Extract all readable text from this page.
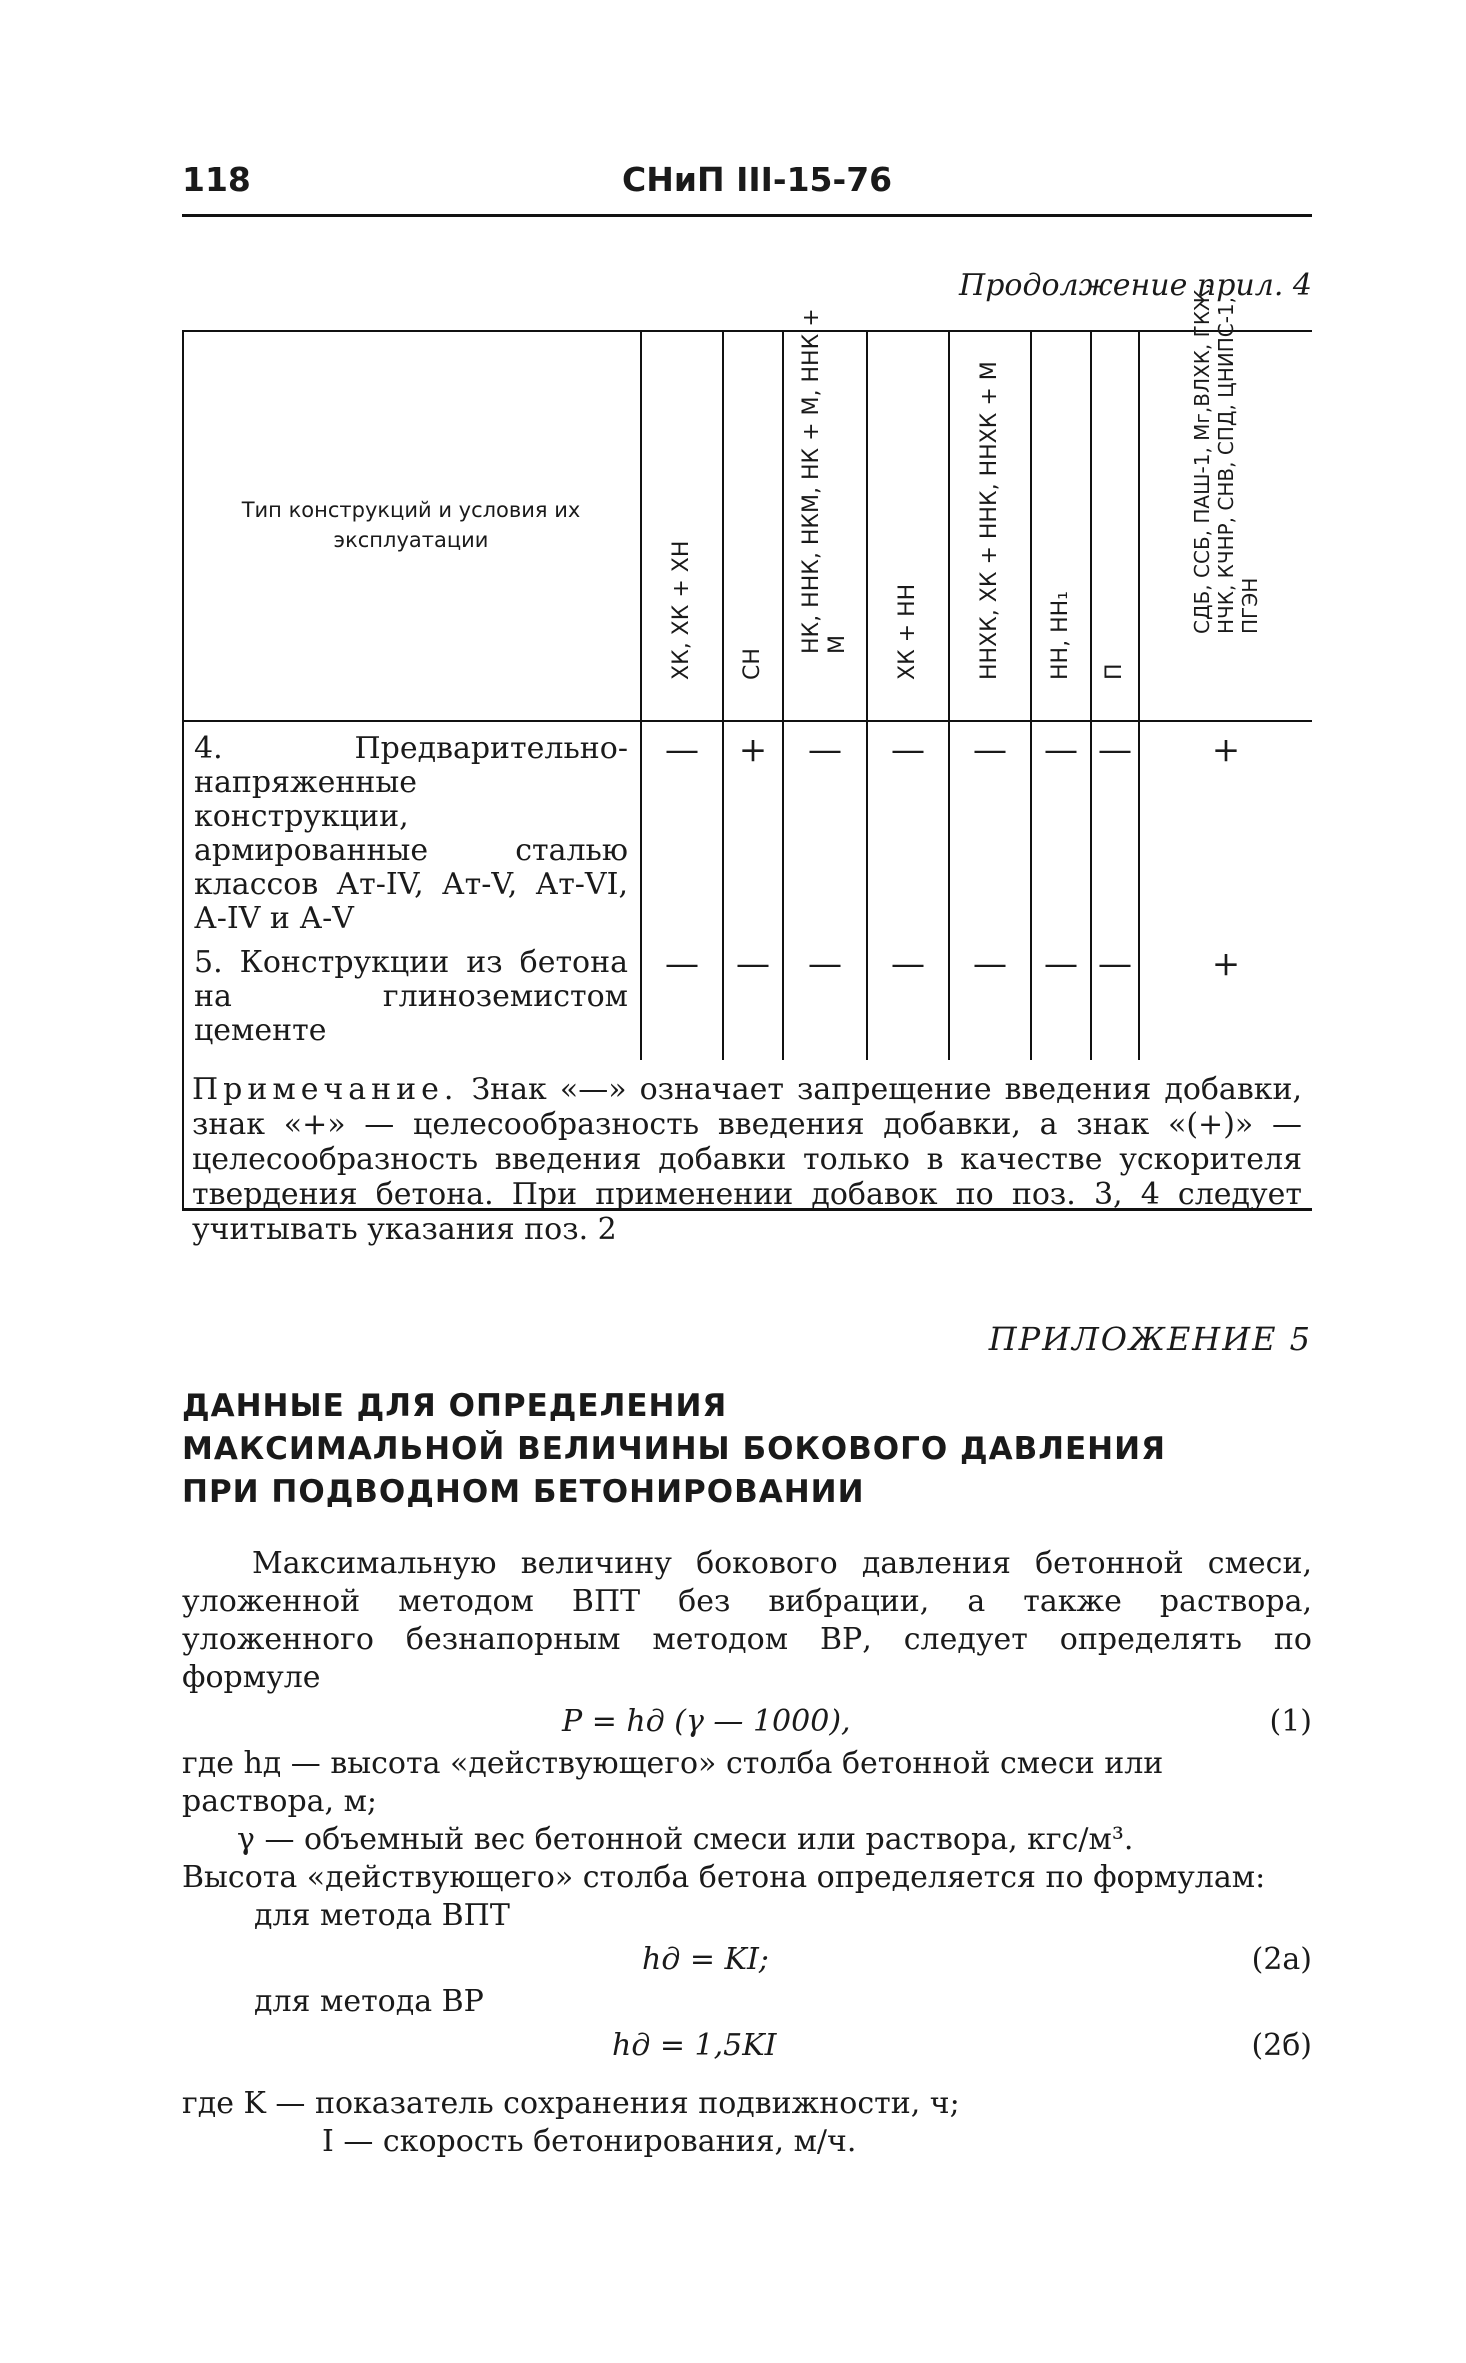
118	СНиП III-15-76
Продолжение прил. 4
Тип конструкций и условия их эксплуатации	ХК, ХК + ХН	СН	НК, ННК, НКМ, НК + М, ННК + М	ХК + НН	ННХК, ХК + ННК, ННХК + М	НН, НН₁	П	СДБ, ССБ, ПАШ-1, Мг,ВЛХК, ГКЖ, НЧК, КЧНР, СНВ, СПД, ЦНИПС-1, ПГЭН

4. Предварительно-напряженные конструкции, армированные сталью классов Ат-IV, Ат-V, Ат-VI, А-IV и А-V	—	+	—	—	—	—	—	+
5. Конструкции из бетона на глиноземистом цементе	—	—	—	—	—	—	—	+
Примечание. Знак «—» означает запрещение введения добавки, знак «+» — целесообразность введения добавки, а знак «(+)» — целесообразность введения добавки только в качестве ускорителя твердения бетона. При применении добавок по поз. 3, 4 следует учитывать указания поз. 2								
ПРИЛОЖЕНИЕ 5
ДАННЫЕ ДЛЯ ОПРЕДЕЛЕНИЯ
МАКСИМАЛЬНОЙ ВЕЛИЧИНЫ БОКОВОГО ДАВЛЕНИЯ
ПРИ ПОДВОДНОМ БЕТОНИРОВАНИИ

Максимальную величину бокового давления бетонной смеси, уложенной методом ВПТ без вибрации, а также раствора, уложенного безнапорным методом ВР, следует определять по формуле

P = hд (γ — 1000),	(1)

где hд — высота «действующего» столба бетонной смеси или раствора, м;

γ — объемный вес бетонной смеси или раствора, кгс/м³.

Высота «действующего» столба бетона определяется по формулам:

для метода ВПТ

hд = KI;	(2а)

для метода ВР

hд = 1,5KI	(2б)

где K — показатель сохранения подвижности, ч;

I — скорость бетонирования, м/ч.
